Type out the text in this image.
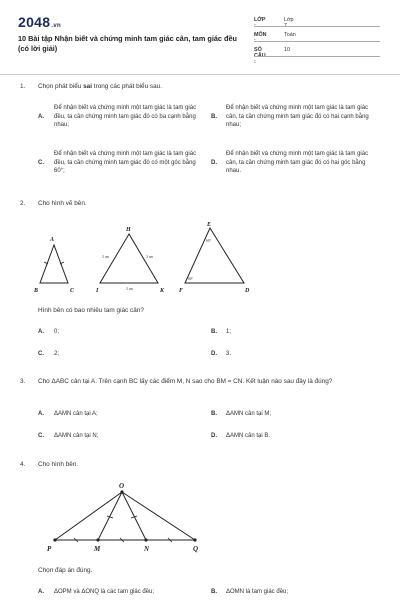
2048.vn
10 Bài tập Nhận biết và chứng minh tam giác cân, tam giác đều (có lời giải)
LỚP :
Lớp 7
MÔN :
Toán
SỐ CÂU :
10
1. Chọn phát biểu sai trong các phát biểu sau.
A.
Để nhận biết và chứng minh một tam giác là tam giác đều, ta cần chứng minh tam giác đó có ba cạnh bằng nhau;
B.
Để nhận biết và chứng minh một tam giác là tam giác cân, ta cần chứng minh tam giác đó có hai cạnh bằng nhau;
C.
Để nhận biết và chứng minh một tam giác là tam giác đều, ta cần chứng minh tam giác đó có một góc bằng 60°;
D.
Để nhận biết và chứng minh một tam giác là tam giác cân, ta cần chứng minh tam giác đó có hai góc bằng nhau.
2. Cho hình vẽ bên.
A
B	C
H
I	K
E
F	D
3 cm	3 cm
3 cm
60°
60°
Hình bên có bao nhiêu tam giác cân?
A. 0;	B. 1;
C. 2;	D. 3.
3. Cho ΔABC cân tại A. Trên cạnh BC lấy các điểm M, N sao cho BM = CN. Kết luận nào sau đây là đúng?
A. ΔAMN cân tại A;	B. ΔAMN cân tại M;
C. ΔAMN cân tại N;	D. ΔAMN cân tại B.
4. Cho hình bên.
O
P	M	N	Q
Chọn đáp án đúng.
A. ΔOPM và ΔONQ là các tam giác đều;	B. ΔOMN là tam giác đều;
